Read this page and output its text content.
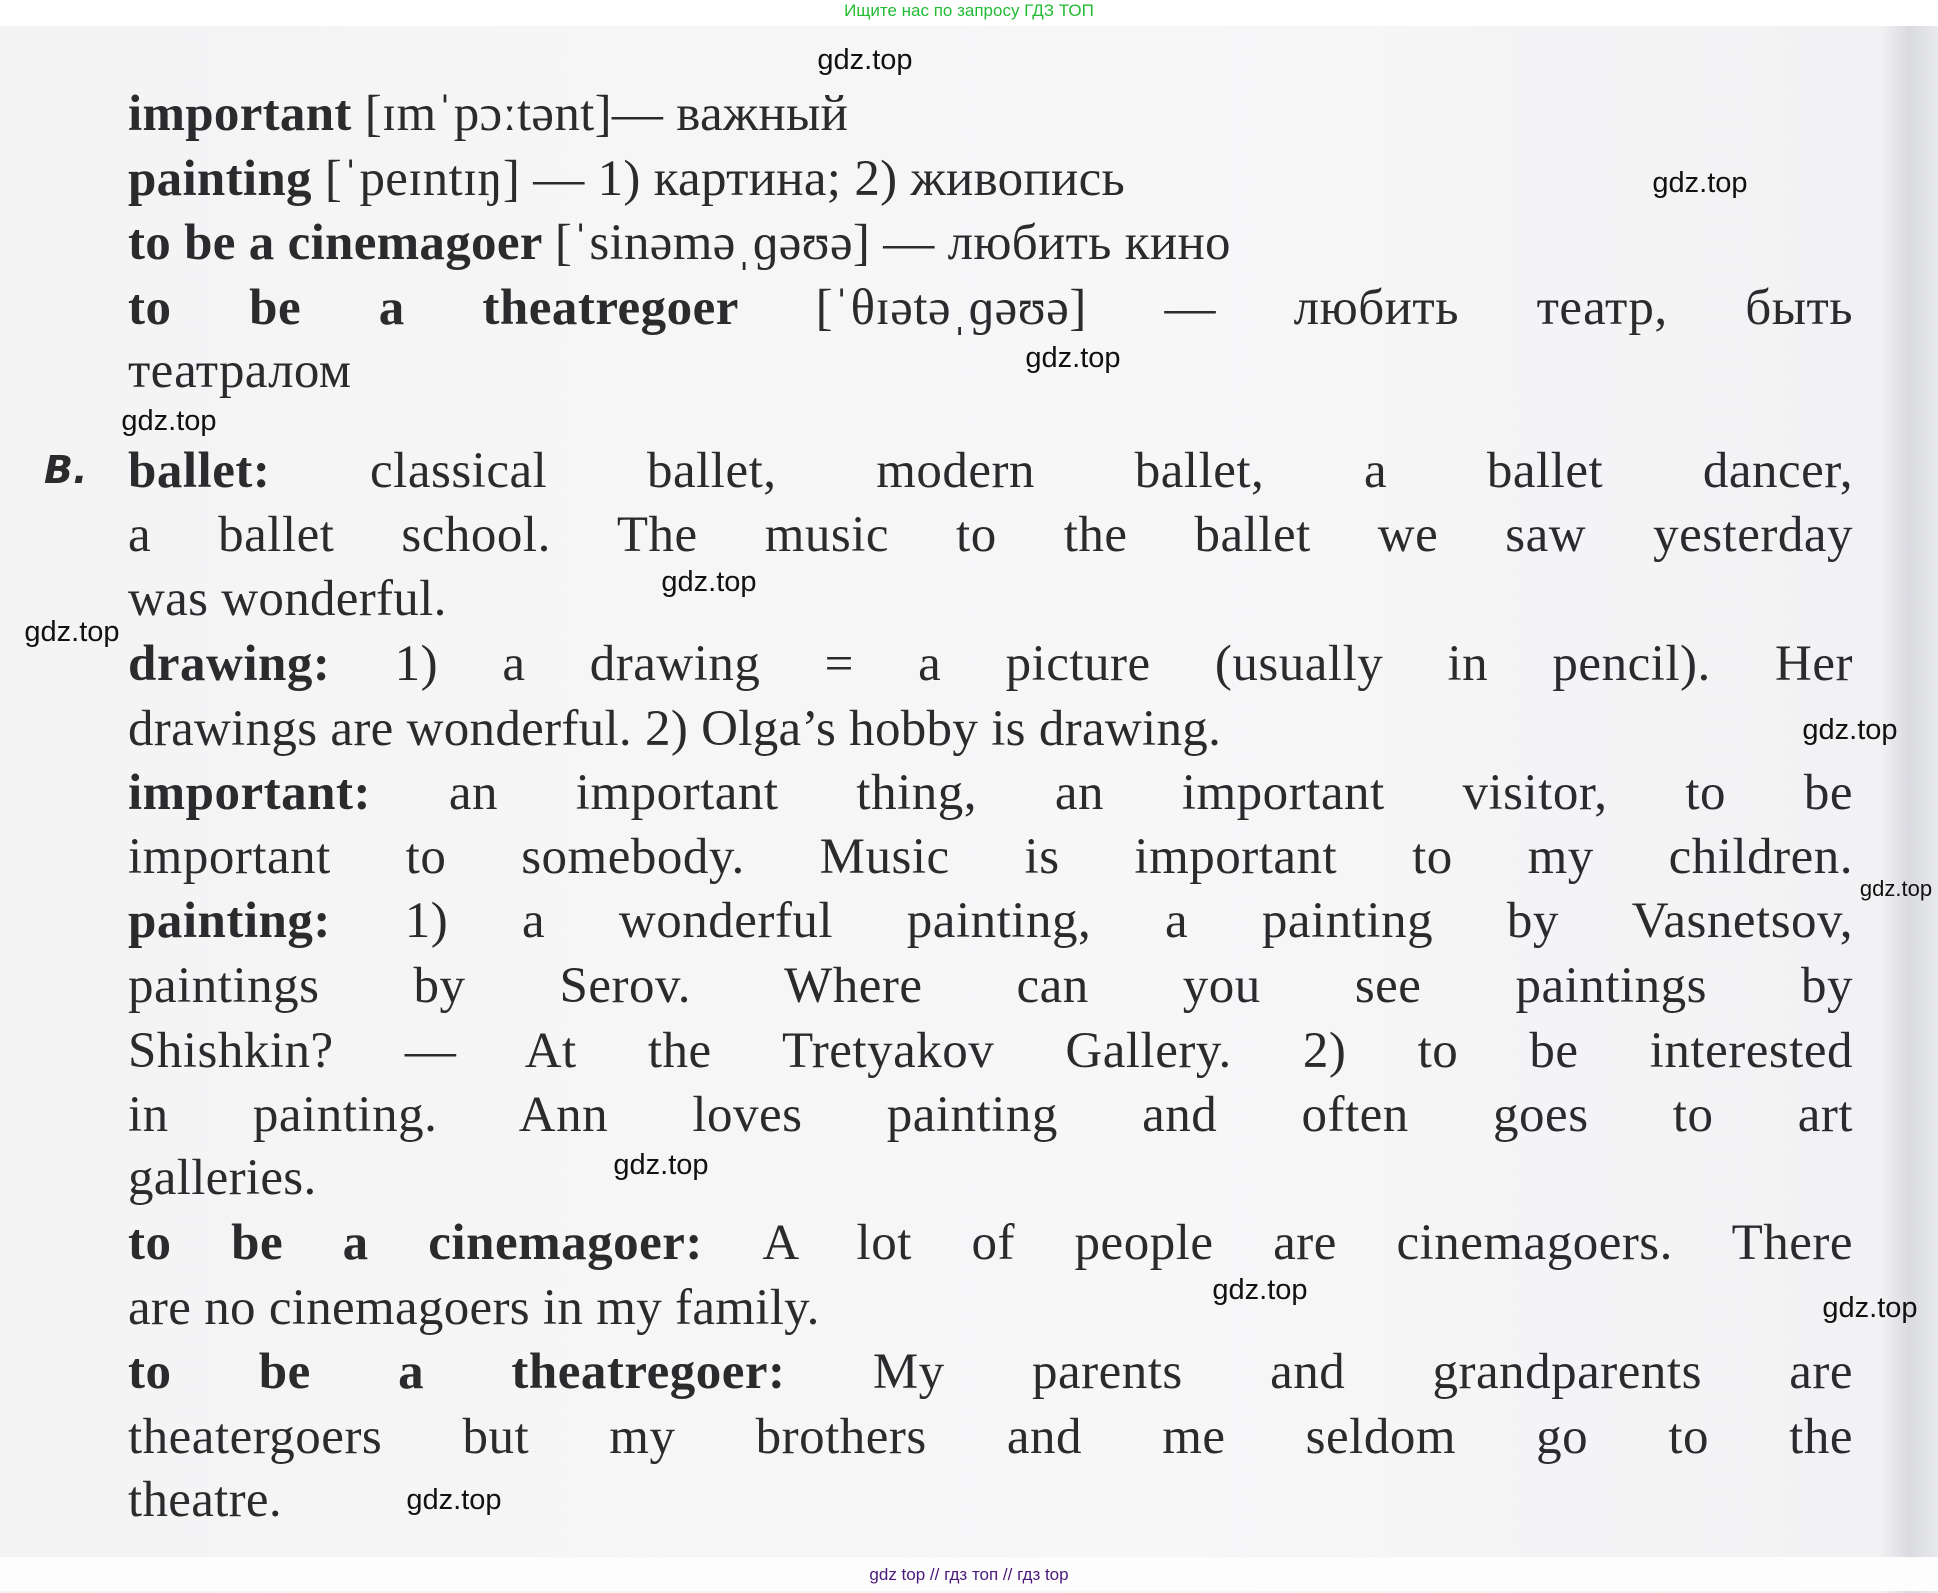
Ищите нас по запросу ГДЗ ТОП
B.
important [ɪmˈpɔːtənt]— важный
painting [ˈpeɪntɪŋ] — 1) картина; 2) живопись
to be a cinemagoer [ˈsinəməˌɡəʊə] — любить кино
to be a theatregoer [ˈθɪətəˌɡəʊə] — любить театр, быть
театралом
ballet: classical ballet, modern ballet, a ballet dancer,
a ballet school. The music to the ballet we saw yesterday
was wonderful.
drawing: 1) a drawing = a picture (usually in pencil). Her
drawings are wonderful. 2) Olga’s hobby is drawing.
important: an important thing, an important visitor, to be
important to somebody. Music is important to my children.
painting: 1) a wonderful painting, a painting by Vasnetsov,
paintings by Serov. Where can you see paintings by
Shishkin? — At the Tretyakov Gallery. 2) to be interested
in painting. Ann loves painting and often goes to art
galleries.
to be a cinemagoer: A lot of people are cinemagoers. There
are no cinemagoers in my family.
to be a theatregoer: My parents and grandparents are
theatergoers but my brothers and me seldom go to the
theatre.
gdz.top
gdz.top
gdz.top
gdz.top
gdz.top
gdz.top
gdz.top
gdz.top
gdz.top
gdz.top
gdz.top
gdz.top
gdz top // гдз топ // гдз top
